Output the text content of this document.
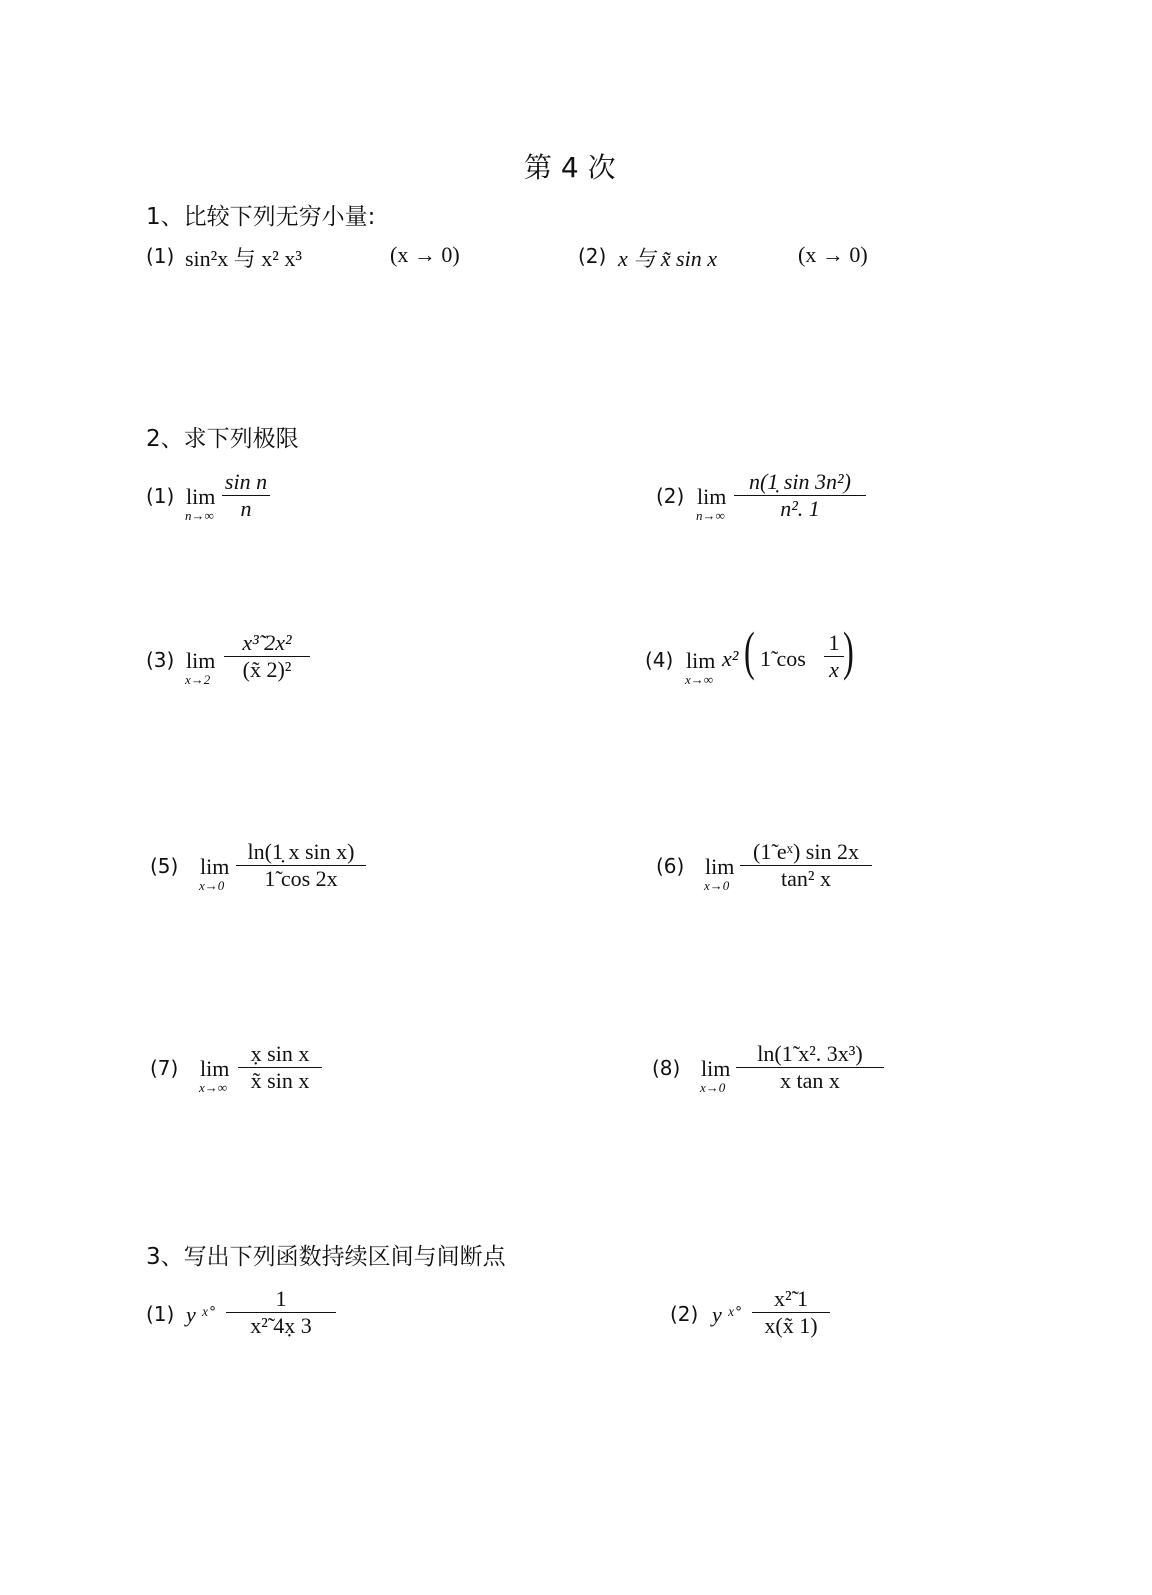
第 4 次
1、比较下列无穷小量:
(1) sin²x 与 x² x³	(x → 0)	(2) x 与 x̃ sin x	(x → 0)
2、求下列极限
(1) lim
n→∞
sin n
n	(2) lim
n→∞
n(1̣ sin 3n²)
n². 1
(3) lim
x→2
x³̃ 2x²
(x̃ 2)²	(4) lim
x→∞
x² ( 1̃ cos
1
x )
(5) lim
x→0
ln(1̣ x sin x)
1̃ cos 2x	(6) lim
x→0
(1̃ eˣ) sin 2x
tan² x
(7) lim
x→∞
x̣ sin x
x̃ sin x	(8) lim
x→0
ln(1̃ x². 3x³)
x tan x
3、写出下列函数持续区间与间断点
(1) y ˣ̊
1
x²̃ 4x̣ 3	(2) y ˣ̊
x²̃ 1
x(x̃ 1)
